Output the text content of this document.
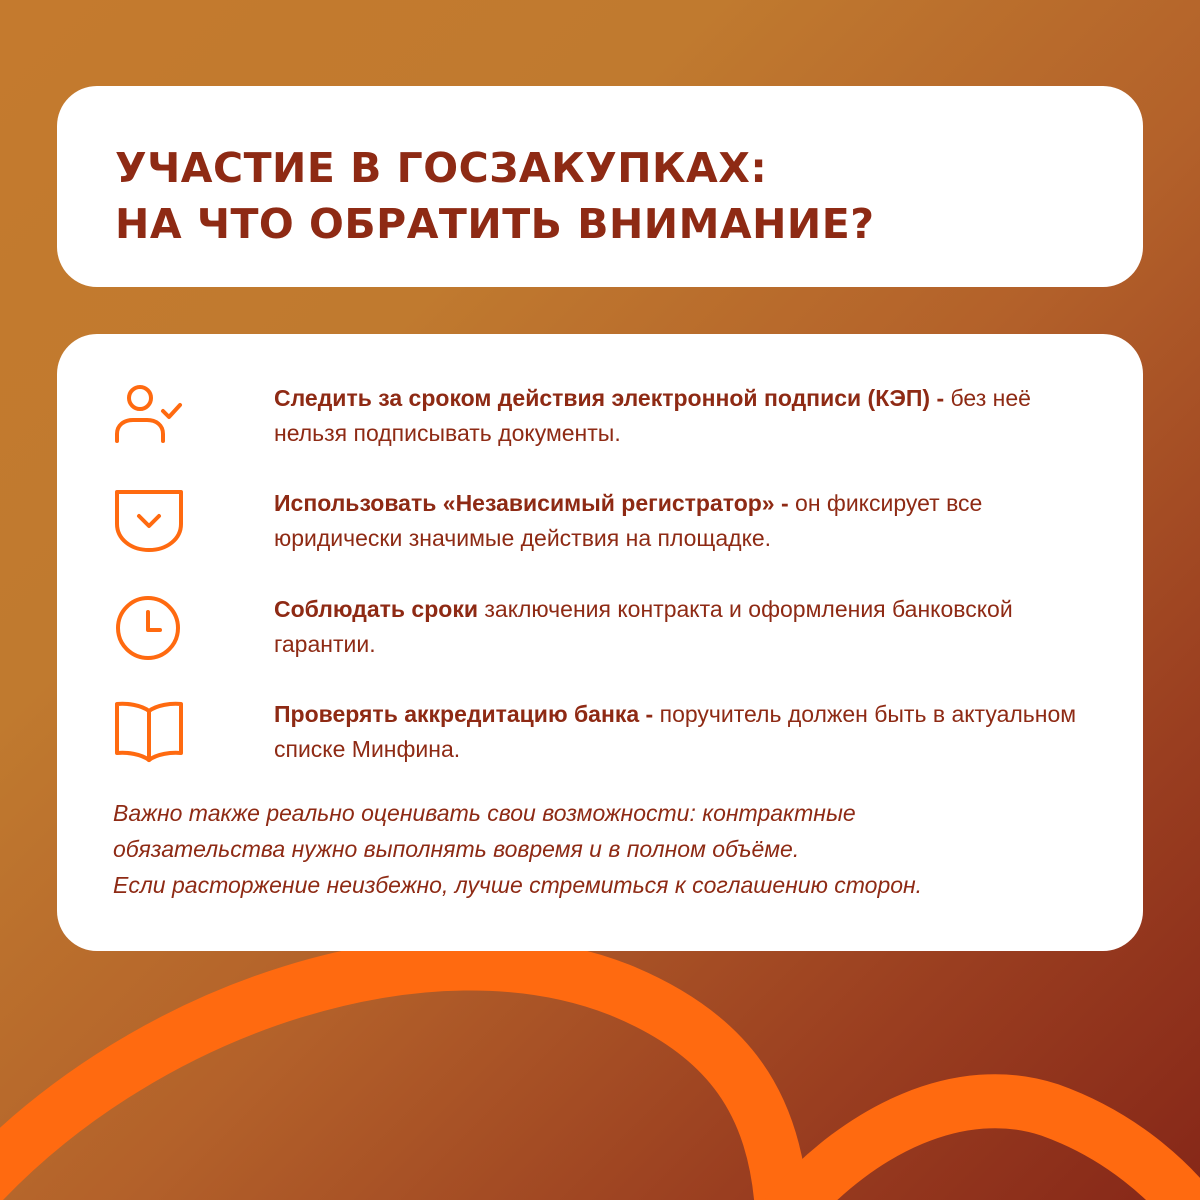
УЧАСТИЕ В ГОСЗАКУПКАХ:
НА ЧТО ОБРАТИТЬ ВНИМАНИЕ?
Следить за сроком действия электронной подписи (КЭП) - без неё нельзя подписывать документы.
Использовать «Независимый регистратор» - он фиксирует все юридически значимые действия на площадке.
Соблюдать сроки заключения контракта и оформления банковской гарантии.
Проверять аккредитацию банка - поручитель должен быть в актуальном списке Минфина.
Важно также реально оценивать свои возможности: контрактные
обязательства нужно выполнять вовремя и в полном объёме.
Если расторжение неизбежно, лучше стремиться к соглашению сторон.
